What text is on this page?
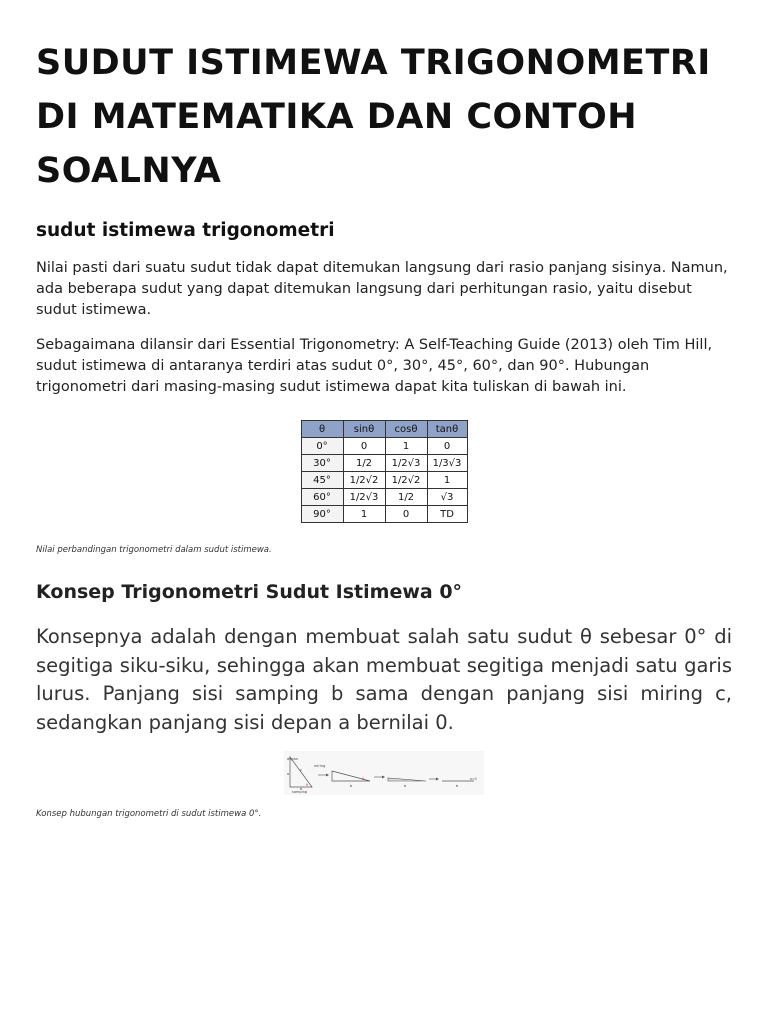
SUDUT ISTIMEWA TRIGONOMETRI DI MATEMATIKA DAN CONTOH SOALNYA
sudut istimewa trigonometri

Nilai pasti dari suatu sudut tidak dapat ditemukan langsung dari rasio panjang sisinya. Namun, ada beberapa sudut yang dapat ditemukan langsung dari perhitungan rasio, yaitu disebut sudut istimewa.

Sebagaimana dilansir dari Essential Trigonometry: A Self-Teaching Guide (2013) oleh Tim Hill, sudut istimewa di antaranya terdiri atas sudut 0°, 30°, 45°, 60°, dan 90°. Hubungan trigonometri dari masing-masing sudut istimewa dapat kita tuliskan di bawah ini.

θ	sinθ	cosθ	tanθ
0°	0	1	0
30°	1/2	1/2√3	1/3√3
45°	1/2√2	1/2√2	1
60°	1/2√3	1/2	√3
90°	1	0	TD
Nilai perbandingan trigonometri dalam sudut istimewa.
Konsep Trigonometri Sudut Istimewa 0°

Konsepnya adalah dengan membuat salah satu sudut θ sebesar 0° di segitiga siku-siku, sehingga akan membuat segitiga menjadi satu garis lurus. Panjang sisi samping b sama dengan panjang sisi miring c, sedangkan panjang sisi depan a bernilai 0.

depan
miring
samping
a
c
b
θ	b
θ
b	b
a=0
Konsep hubungan trigonometri di sudut istimewa 0°.
